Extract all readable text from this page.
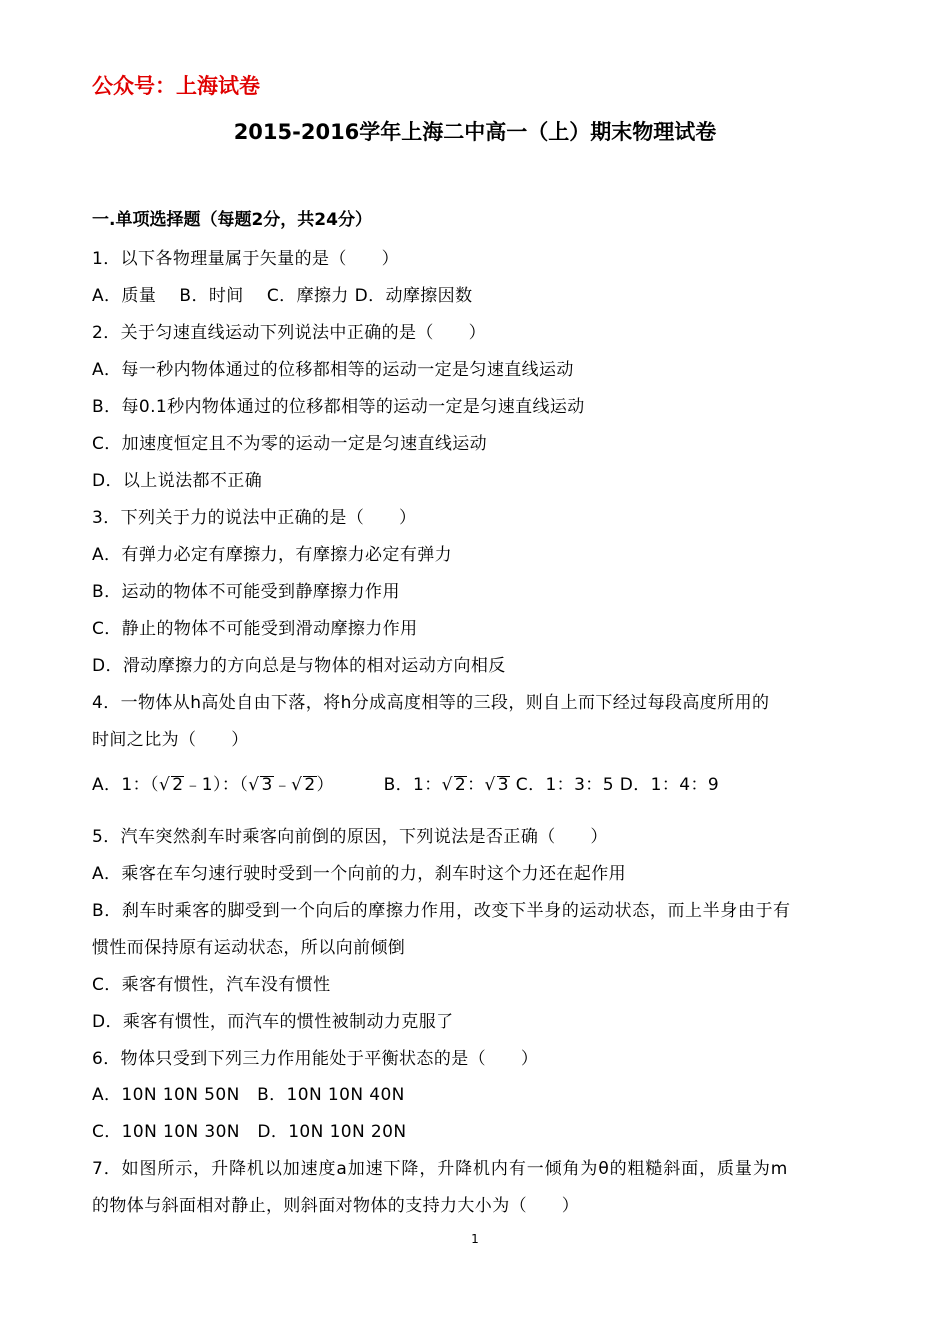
公众号：上海试卷
2015-2016学年上海二中高一（上）期末物理试卷
一.单项选择题（每题2分，共24分）
1．以下各物理量属于矢量的是（　　）
A．质量　 B．时间　 C．摩擦力 D．动摩擦因数
2．关于匀速直线运动下列说法中正确的是（　　）
A．每一秒内物体通过的位移都相等的运动一定是匀速直线运动
B．每0.1秒内物体通过的位移都相等的运动一定是匀速直线运动
C．加速度恒定且不为零的运动一定是匀速直线运动
D．以上说法都不正确
3．下列关于力的说法中正确的是（　　）
A．有弹力必定有摩擦力，有摩擦力必定有弹力
B．运动的物体不可能受到静摩擦力作用
C．静止的物体不可能受到滑动摩擦力作用
D．滑动摩擦力的方向总是与物体的相对运动方向相反
4．一物体从h高处自由下落，将h分成高度相等的三段，则自上而下经过每段高度所用的
时间之比为（　　）
A．1：（√ 2﹣1）：（√ 3﹣√ 2）	B．1：√ 2：√ 3 C．1：3：5 D．1：4：9
5．汽车突然刹车时乘客向前倒的原因，下列说法是否正确（　　）
A．乘客在车匀速行驶时受到一个向前的力，刹车时这个力还在起作用
B．刹车时乘客的脚受到一个向后的摩擦力作用，改变下半身的运动状态，而上半身由于有
惯性而保持原有运动状态，所以向前倾倒
C．乘客有惯性，汽车没有惯性
D．乘客有惯性，而汽车的惯性被制动力克服了
6．物体只受到下列三力作用能处于平衡状态的是（　　）
A．10N 10N 50N　B．10N 10N 40N
C．10N 10N 30N　D．10N 10N 20N
7．如图所示，升降机以加速度a加速下降，升降机内有一倾角为θ的粗糙斜面，质量为m
的物体与斜面相对静止，则斜面对物体的支持力大小为（　　）
1
